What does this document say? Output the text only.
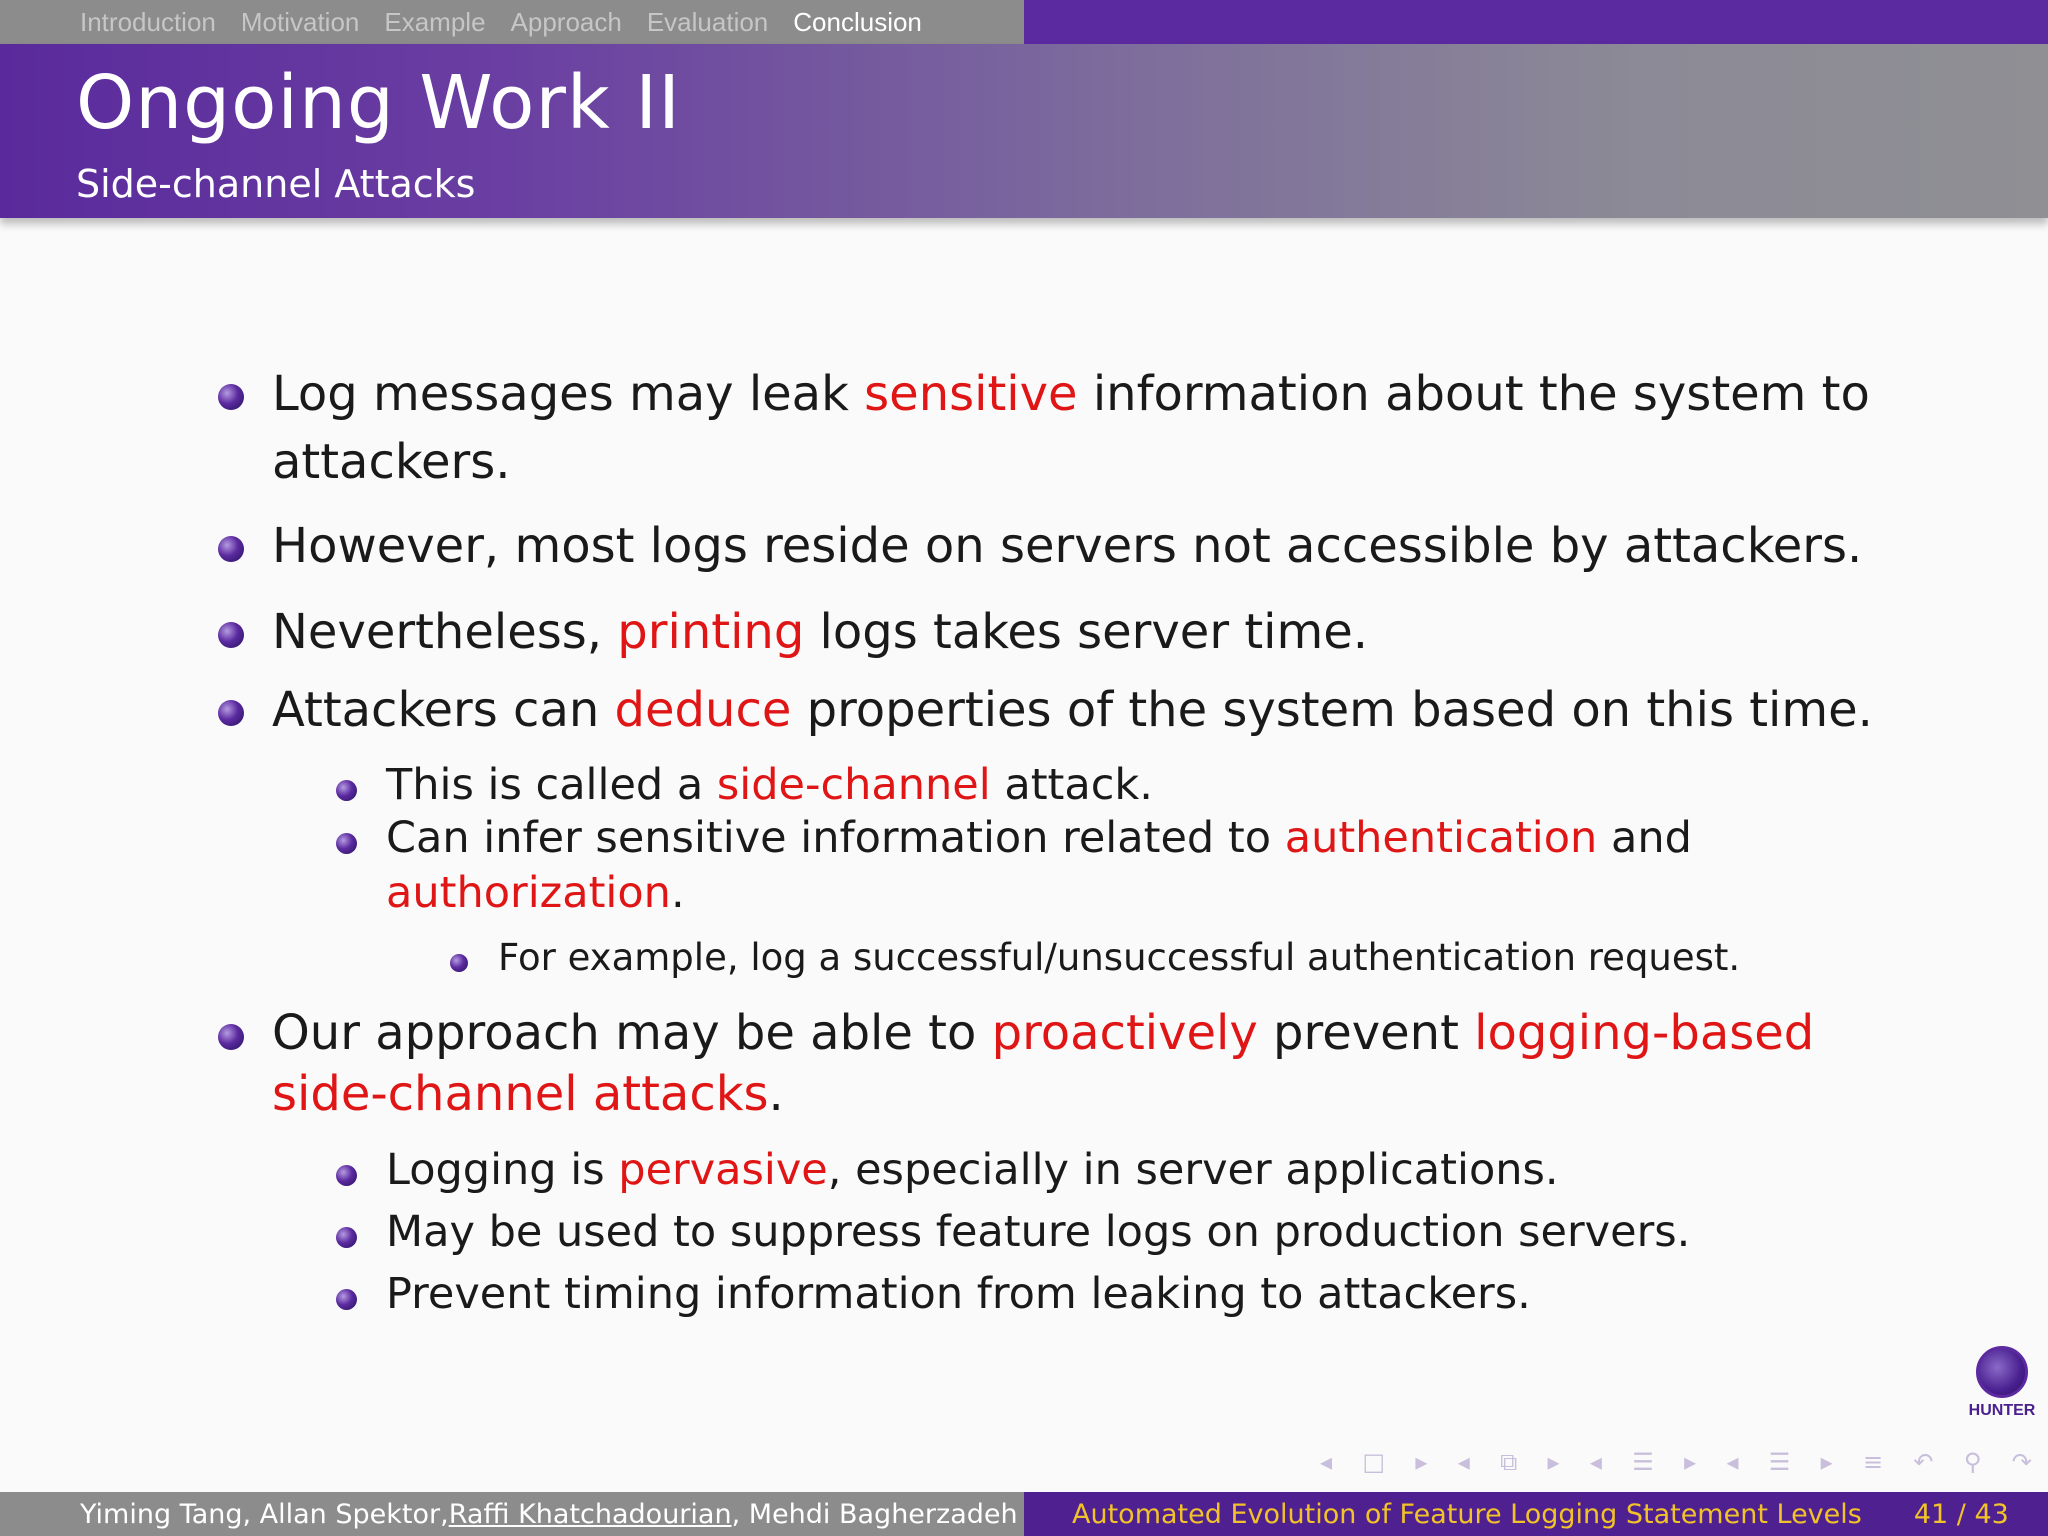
Introduction Motivation Example Approach Evaluation Conclusion
Ongoing Work II
Side-channel Attacks
Log messages may leak sensitive information about the system to
attackers.
However, most logs reside on servers not accessible by attackers.
Nevertheless, printing logs takes server time.
Attackers can deduce properties of the system based on this time.
This is called a side-channel attack.
Can infer sensitive information related to authentication and
authorization.
For example, log a successful/unsuccessful authentication request.
Our approach may be able to proactively prevent logging-based
side-channel attacks.
Logging is pervasive, especially in server applications.
May be used to suppress feature logs on production servers.
Prevent timing information from leaking to attackers.
HUNTER
◂ □ ▸ ◂ ⧉ ▸ ◂ ☰ ▸ ◂ ☰ ▸ ≡ ↶ ⚲ ↷
Yiming Tang, Allan Spektor, Raffi Khatchadourian , Mehdi Bagherzadeh Automated Evolution of Feature Logging Statement Levels 41 / 43
